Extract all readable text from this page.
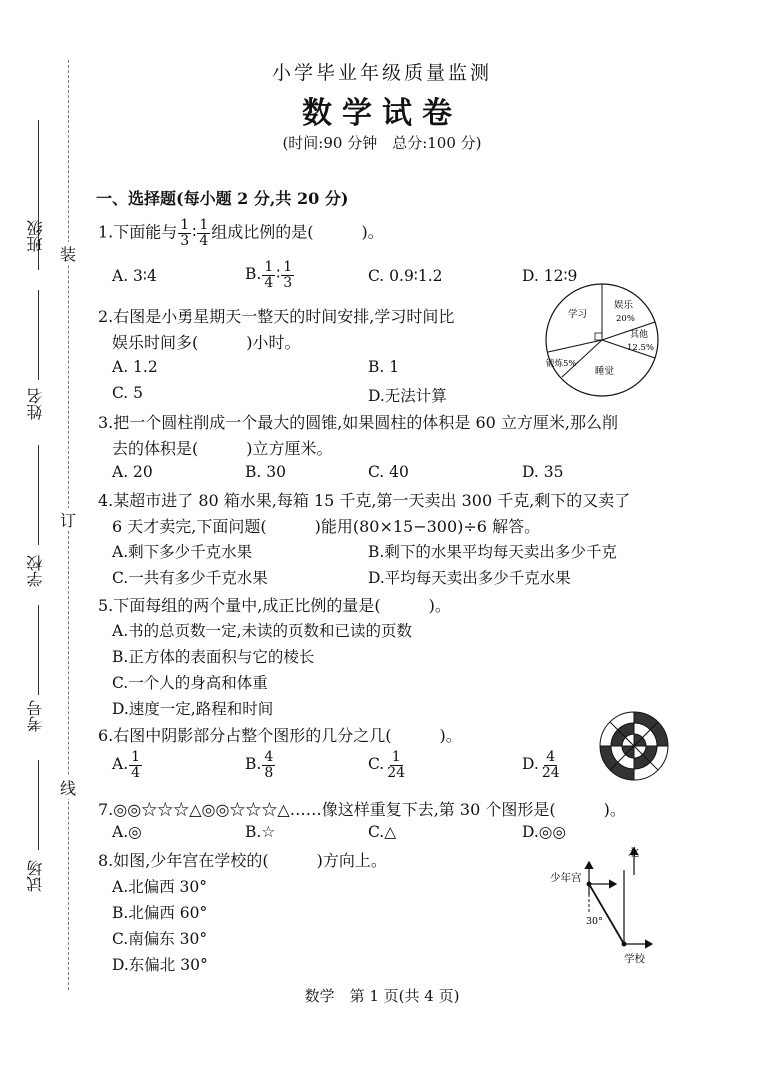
班级
姓名
学校
考号
试场
装
订
线
小学毕业年级质量监测
数学试卷
(时间:90 分钟　总分:100 分)
一、选择题(每小题 2 分,共 20 分)
1.下面能与 $\frac{1}{3}$ ∶ $\frac{1}{4}$ 组成比例的是(　　　)。
A. 3∶4	B. $\frac{1}{4}$ ∶ $\frac{1}{3}$	C. 0.9∶1.2	D. 12∶9
2.右图是小勇星期天一整天的时间安排,学习时间比
娱乐时间多(　　　)小时。
A. 1.2	B. 1
C. 5	D.无法计算
学习
娱乐
20%
其他
12.5%
锻炼5%
睡觉
3.把一个圆柱削成一个最大的圆锥,如果圆柱的体积是 60 立方厘米,那么削
去的体积是(　　　)立方厘米。
A. 20	B. 30	C. 40	D. 35
4.某超市进了 80 箱水果,每箱 15 千克,第一天卖出 300 千克,剩下的又卖了
6 天才卖完,下面问题(　　　)能用(80×15−300)÷6 解答。
A.剩下多少千克水果	B.剩下的水果平均每天卖出多少千克
C.一共有多少千克水果	D.平均每天卖出多少千克水果
5.下面每组的两个量中,成正比例的量是(　　　)。
A.书的总页数一定,未读的页数和已读的页数
B.正方体的表面积与它的棱长
C.一个人的身高和体重
D.速度一定,路程和时间
6.右图中阴影部分占整个图形的几分之几(　　　)。
A. $\frac{1}{4}$	B. $\frac{4}{8}$	C. $\frac{1}{24}$	D. $\frac{4}{24}$
7.◎◎☆☆☆△◎◎☆☆☆△……像这样重复下去,第 30 个图形是(　　　)。
A.◎	B.☆	C.△	D.◎◎
8.如图,少年宫在学校的(　　　)方向上。
A.北偏西 30°
B.北偏西 60°
C.南偏东 30°
D.东偏北 30°
北
少年宫
30°
学校
数学　第 1 页(共 4 页)
